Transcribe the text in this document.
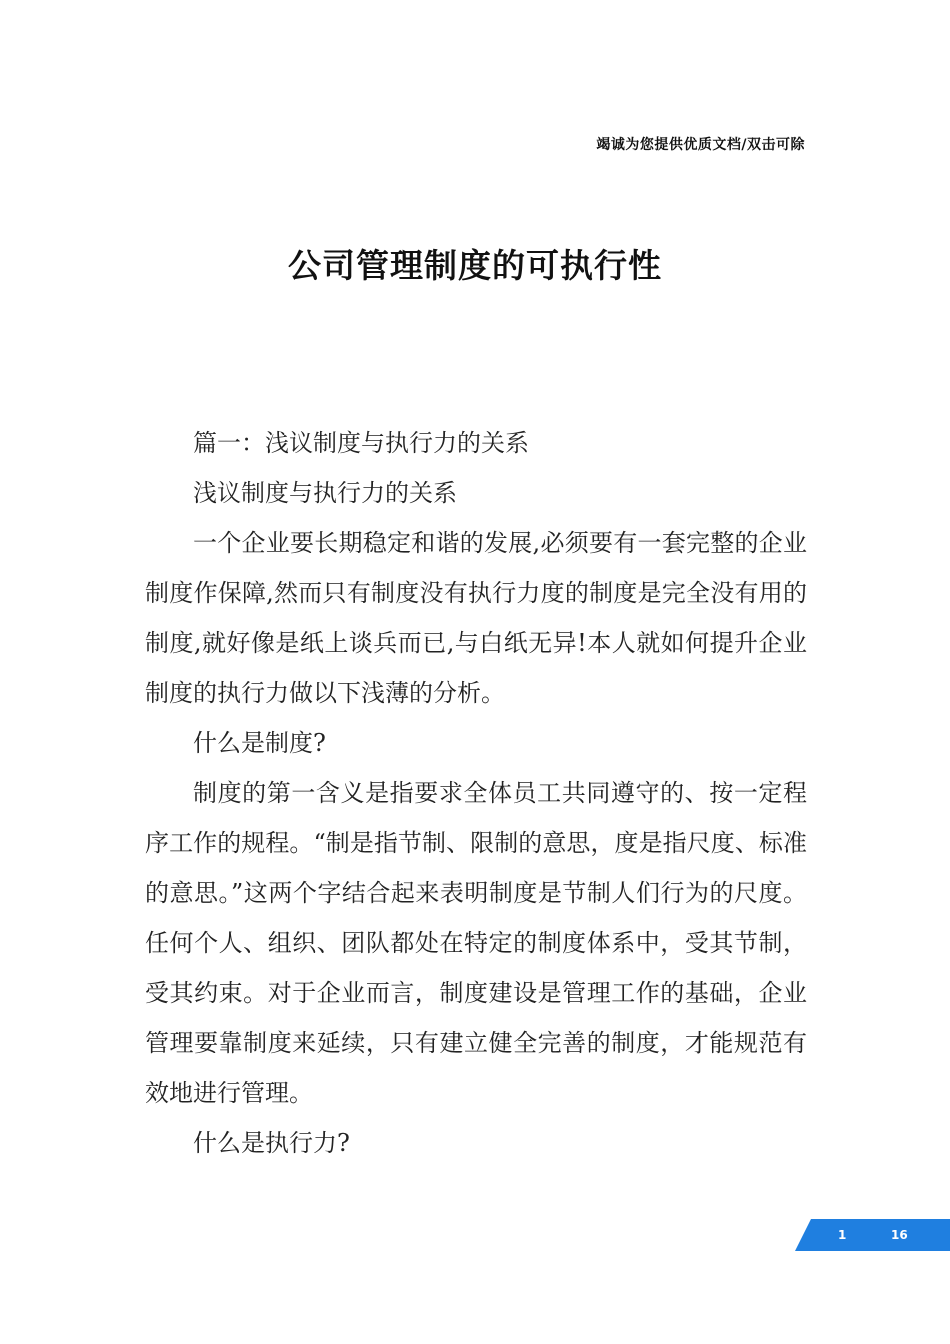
竭诚为您提供优质文档/双击可除
公司管理制度的可执行性

篇一：浅议制度与执行力的关系

浅议制度与执行力的关系

一个企业要长期稳定和谐的发展,必须要有一套完整的企业制度作保障,然而只有制度没有执行力度的制度是完全没有用的制度,就好像是纸上谈兵而已,与白纸无异!本人就如何提升企业制度的执行力做以下浅薄的分析。

什么是制度?

制度的第一含义是指要求全体员工共同遵守的、按一定程序工作的规程。“制是指节制、限制的意思，度是指尺度、标准的意思。”这两个字结合起来表明制度是节制人们行为的尺度。任何个人、组织、团队都处在特定的制度体系中，受其节制，受其约束。对于企业而言，制度建设是管理工作的基础，企业管理要靠制度来延续，只有建立健全完善的制度，才能规范有效地进行管理。

什么是执行力?

1	16
